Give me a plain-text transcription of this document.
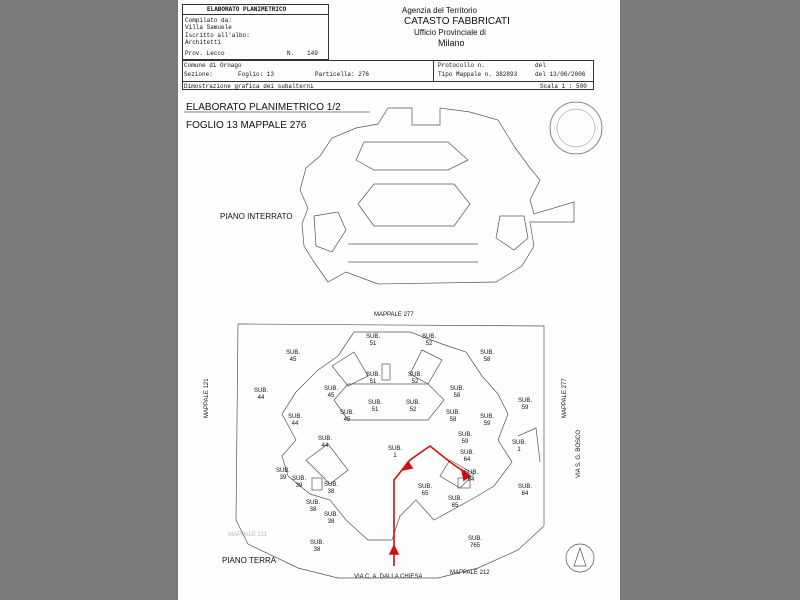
ELABORATO PLANIMETRICO
Compilato da:
Villa Samuele
Iscritto all'albo:
Architetti
Prov. Lecco	N. 149
Agenzia del Territorio
CATASTO FABBRICATI
Ufficio Provinciale di
Milano
Comune di Ornago
Sezione:	Foglio: 13	Particella: 276
Protocollo n.	del
Tipo Mappale n. 382893	del 13/06/2006
Dimostrazione grafica dei subalterni	Scala 1 : 500
ELABORATO PLANIMETRICO 1/2
FOGLIO 13 MAPPALE 276
PIANO INTERRATO
PIANO TERRA
MAPPALE 277
MAPPALE 212
VIA C. A. DALLA CHIESA
MAPPALE 211
MAPPALE 121	MAPPALE 277
VIA S. G. BOSCO
SUB.
51
SUB.
52
SUB.
45
SUB.
58
SUB.
51
SUB.
52
SUB.
44
SUB.
45
SUB.
58
SUB.
59
SUB.
51
SUB.
52
SUB.
45
SUB.
58
SUB.
44
SUB.
59
SUB.
44
SUB.
59
SUB.
1
SUB.
1
SUB.
39
SUB.
64
SUB.
39
SUB.
64
SUB.
38
SUB.
65
SUB.
64
SUB.
38
SUB.
65
SUB.
38
SUB.
38
SUB.
765
